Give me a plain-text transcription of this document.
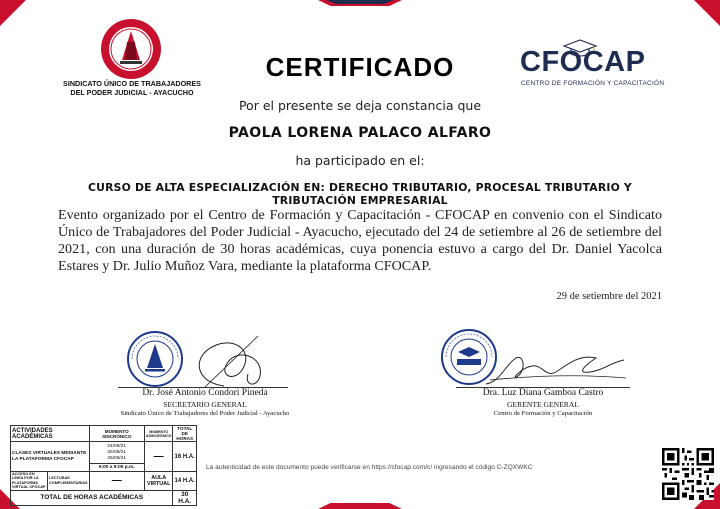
SINDICATO ÚNICO DE TRABAJADORES
DEL PODER JUDICIAL - AYACUCHO
CERTIFICADO	CFOCAP
CENTRO DE FORMACIÓN Y CAPACITACIÓN
Por el presente se deja constancia que
PAOLA LORENA PALACO ALFARO
ha participado en el:
CURSO DE ALTA ESPECIALIZACIÓN EN: DERECHO TRIBUTARIO, PROCESAL TRIBUTARIO Y TRIBUTACIÓN EMPRESARIAL
Evento organizado por el Centro de Formación y Capacitación - CFOCAP en convenio con el Sindicato Único de Trabajadores del Poder Judicial - Ayacucho, ejecutado del 24 de setiembre al 26 de setiembre del 2021, con una duración de 30 horas académicas, cuya ponencia estuvo a cargo del Dr. Daniel Yacolca Estares y Dr. Julio Muñoz Vara, mediante la plataforma CFOCAP.
29 de setiembre del 2021
Dr. José Antonio Condori Pineda
SECRETARIO GENERAL
Sindicato Único de Trabajadores del Poder Judicial - Ayacucho
Dra. Luz Diana Gamboa Castro
GERENTE GENERAL
Centro de Formación y Capacitación
ACTIVIDADES ACADÉMICAS		MOMENTO SINCRÓNICO	MOMENTO ASINCRÓNICO	TOTAL DE HORAS
CLASES VIRTUALES MEDIANTE LA PLATAFORMA CFOCAP		24/09/21
25/09/21
26/09/21	—	16 H.A.
		6:00 a 9:00 p.m.		
ACCESO EN LÍNEA POR LA PLATAFORMA VIRTUAL CFOCAP	LECTURAS COMPLEMENTARIAS	—	AULA VIRTUAL	14 H.A.
TOTAL DE HORAS ACADÉMICAS				30 H.A.
La autenticidad de este documento puede verificarse en https://cfocap.com/c/ ingresando el código C-ZQXWKC
